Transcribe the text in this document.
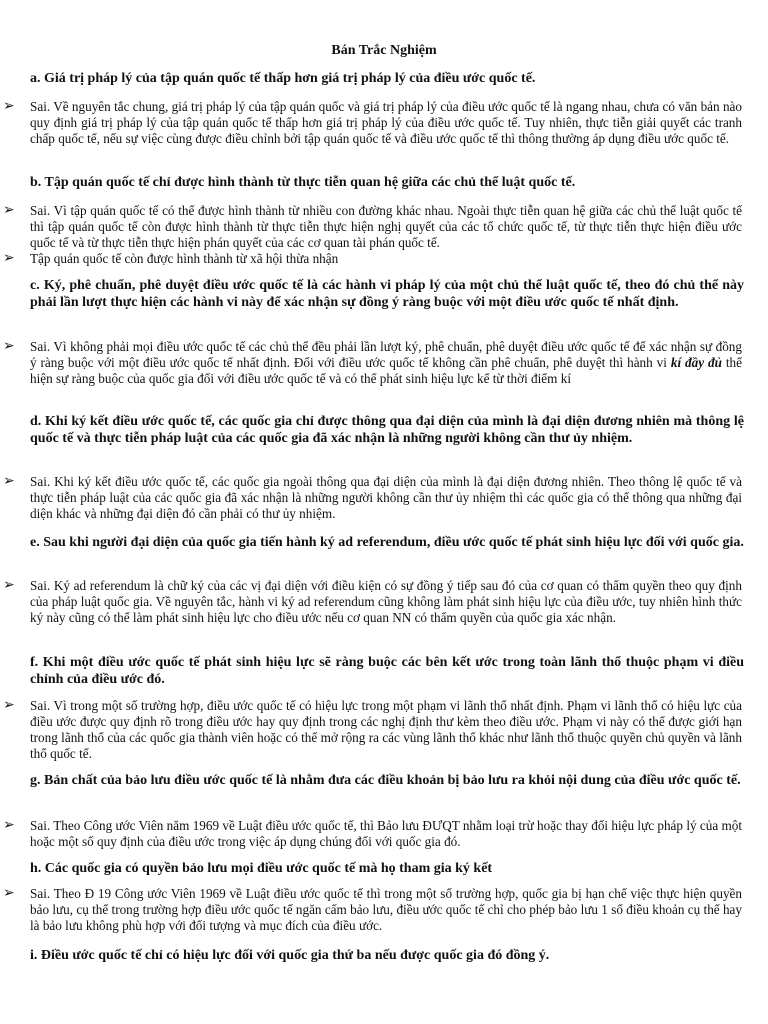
Bán Trắc Nghiệm
a. Giá trị pháp lý của tập quán quốc tế thấp hơn giá trị pháp lý của điều ước quốc tế.
➢ Sai. Về nguyên tắc chung, giá trị pháp lý của tập quán quốc và giá trị pháp lý của điều ước quốc tế là ngang nhau, chưa có văn bản nào quy định giá trị pháp lý của tập quán quốc tế thấp hơn giá trị pháp lý của điều ước quốc tế. Tuy nhiên, thực tiễn giải quyết các tranh chấp quốc tế, nếu sự việc cùng được điều chỉnh bởi tập quán quốc tế và điều ước quốc tế thì thông thường áp dụng điều ước quốc tế.
b. Tập quán quốc tế chỉ được hình thành từ thực tiễn quan hệ giữa các chủ thể luật quốc tế.
➢ Sai. Vì tập quán quốc tế có thể được hình thành từ nhiều con đường khác nhau. Ngoài thực tiễn quan hệ giữa các chủ thể luật quốc tế thì tập quán quốc tế còn được hình thành từ thực tiễn thực hiện nghị quyết của các tổ chức quốc tế, từ thực tiễn thực hiện điều ước quốc tế và từ thực tiễn thực hiện phán quyết của các cơ quan tài phán quốc tế.
➢ Tập quán quốc tế còn được hình thành từ xã hội thừa nhận
c. Ký, phê chuẩn, phê duyệt điều ước quốc tế là các hành vi pháp lý của một chủ thể luật quốc tế, theo đó chủ thể này phải lần lượt thực hiện các hành vi này để xác nhận sự đồng ý ràng buộc với một điều ước quốc tế nhất định.
➢ Sai. Vì không phải mọi điều ước quốc tế các chủ thể đều phải lần lượt ký, phê chuẩn, phê duyệt điều ước quốc tế để xác nhận sự đồng ý ràng buộc với một điều ước quốc tế nhất định. Đối với điều ước quốc tế không cần phê chuẩn, phê duyệt thì hành vi kí đầy đủ thể hiện sự ràng buộc của quốc gia đối với điều ước quốc tế và có thể phát sinh hiệu lực kể từ thời điểm kí
d. Khi ký kết điều ước quốc tế, các quốc gia chỉ được thông qua đại diện của mình là đại diện đương nhiên mà thông lệ quốc tế và thực tiễn pháp luật của các quốc gia đã xác nhận là những người không cần thư ủy nhiệm.
➢ Sai. Khi ký kết điều ước quốc tế, các quốc gia ngoài thông qua đại diện của mình là đại diện đương nhiên. Theo thông lệ quốc tế và thực tiễn pháp luật của các quốc gia đã xác nhận là những người không cần thư ủy nhiệm thì các quốc gia có thể thông qua những đại diện khác và những đại diện đó cần phải có thư ủy nhiệm.
e. Sau khi người đại diện của quốc gia tiến hành ký ad referendum, điều ước quốc tế phát sinh hiệu lực đối với quốc gia.
➢ Sai. Ký ad referendum là chữ ký của các vị đại diện với điều kiện có sự đồng ý tiếp sau đó của cơ quan có thẩm quyền theo quy định của pháp luật quốc gia. Về nguyên tắc, hành vi ký ad referendum cũng không làm phát sinh hiệu lực của điều ước, tuy nhiên hình thức ký này cũng có thể làm phát sinh hiệu lực cho điều ước nếu cơ quan NN có thẩm quyền của quốc gia xác nhận.
f. Khi một điều ước quốc tế phát sinh hiệu lực sẽ ràng buộc các bên kết ước trong toàn lãnh thổ thuộc phạm vi điều chỉnh của điều ước đó.
➢ Sai. Vì trong một số trường hợp, điều ước quốc tế có hiệu lực trong một phạm vi lãnh thổ nhất định. Phạm vi lãnh thổ có hiệu lực của điều ước được quy định rõ trong điều ước hay quy định trong các nghị định thư kèm theo điều ước. Phạm vi này có thể được giới hạn trong lãnh thổ của các quốc gia thành viên hoặc có thể mở rộng ra các vùng lãnh thổ khác như lãnh thổ thuộc quyền chủ quyền và lãnh thổ quốc tế.
g. Bản chất của bảo lưu điều ước quốc tế là nhằm đưa các điều khoản bị bảo lưu ra khỏi nội dung của điều ước quốc tế.
➢ Sai. Theo Công ước Viên năm 1969 về Luật điều ước quốc tế, thì Bảo lưu ĐƯQT nhằm loại trừ hoặc thay đổi hiệu lực pháp lý của một hoặc một số quy định của điều ước trong việc áp dụng chúng đối với quốc gia đó.
h. Các quốc gia có quyền bảo lưu mọi điều ước quốc tế mà họ tham gia ký kết
➢ Sai. Theo Đ 19 Công ước Viên 1969 về Luật điều ước quốc tế thì trong một số trường hợp, quốc gia bị hạn chế việc thực hiện quyền bảo lưu, cụ thể trong trường hợp điều ước quốc tế ngăn cấm bảo lưu, điều ước quốc tế chỉ cho phép bảo lưu 1 số điều khoản cụ thể hay là bảo lưu không phù hợp với đối tượng và mục đích của điều ước.
i. Điều ước quốc tế chỉ có hiệu lực đối với quốc gia thứ ba nếu được quốc gia đó đồng ý.
